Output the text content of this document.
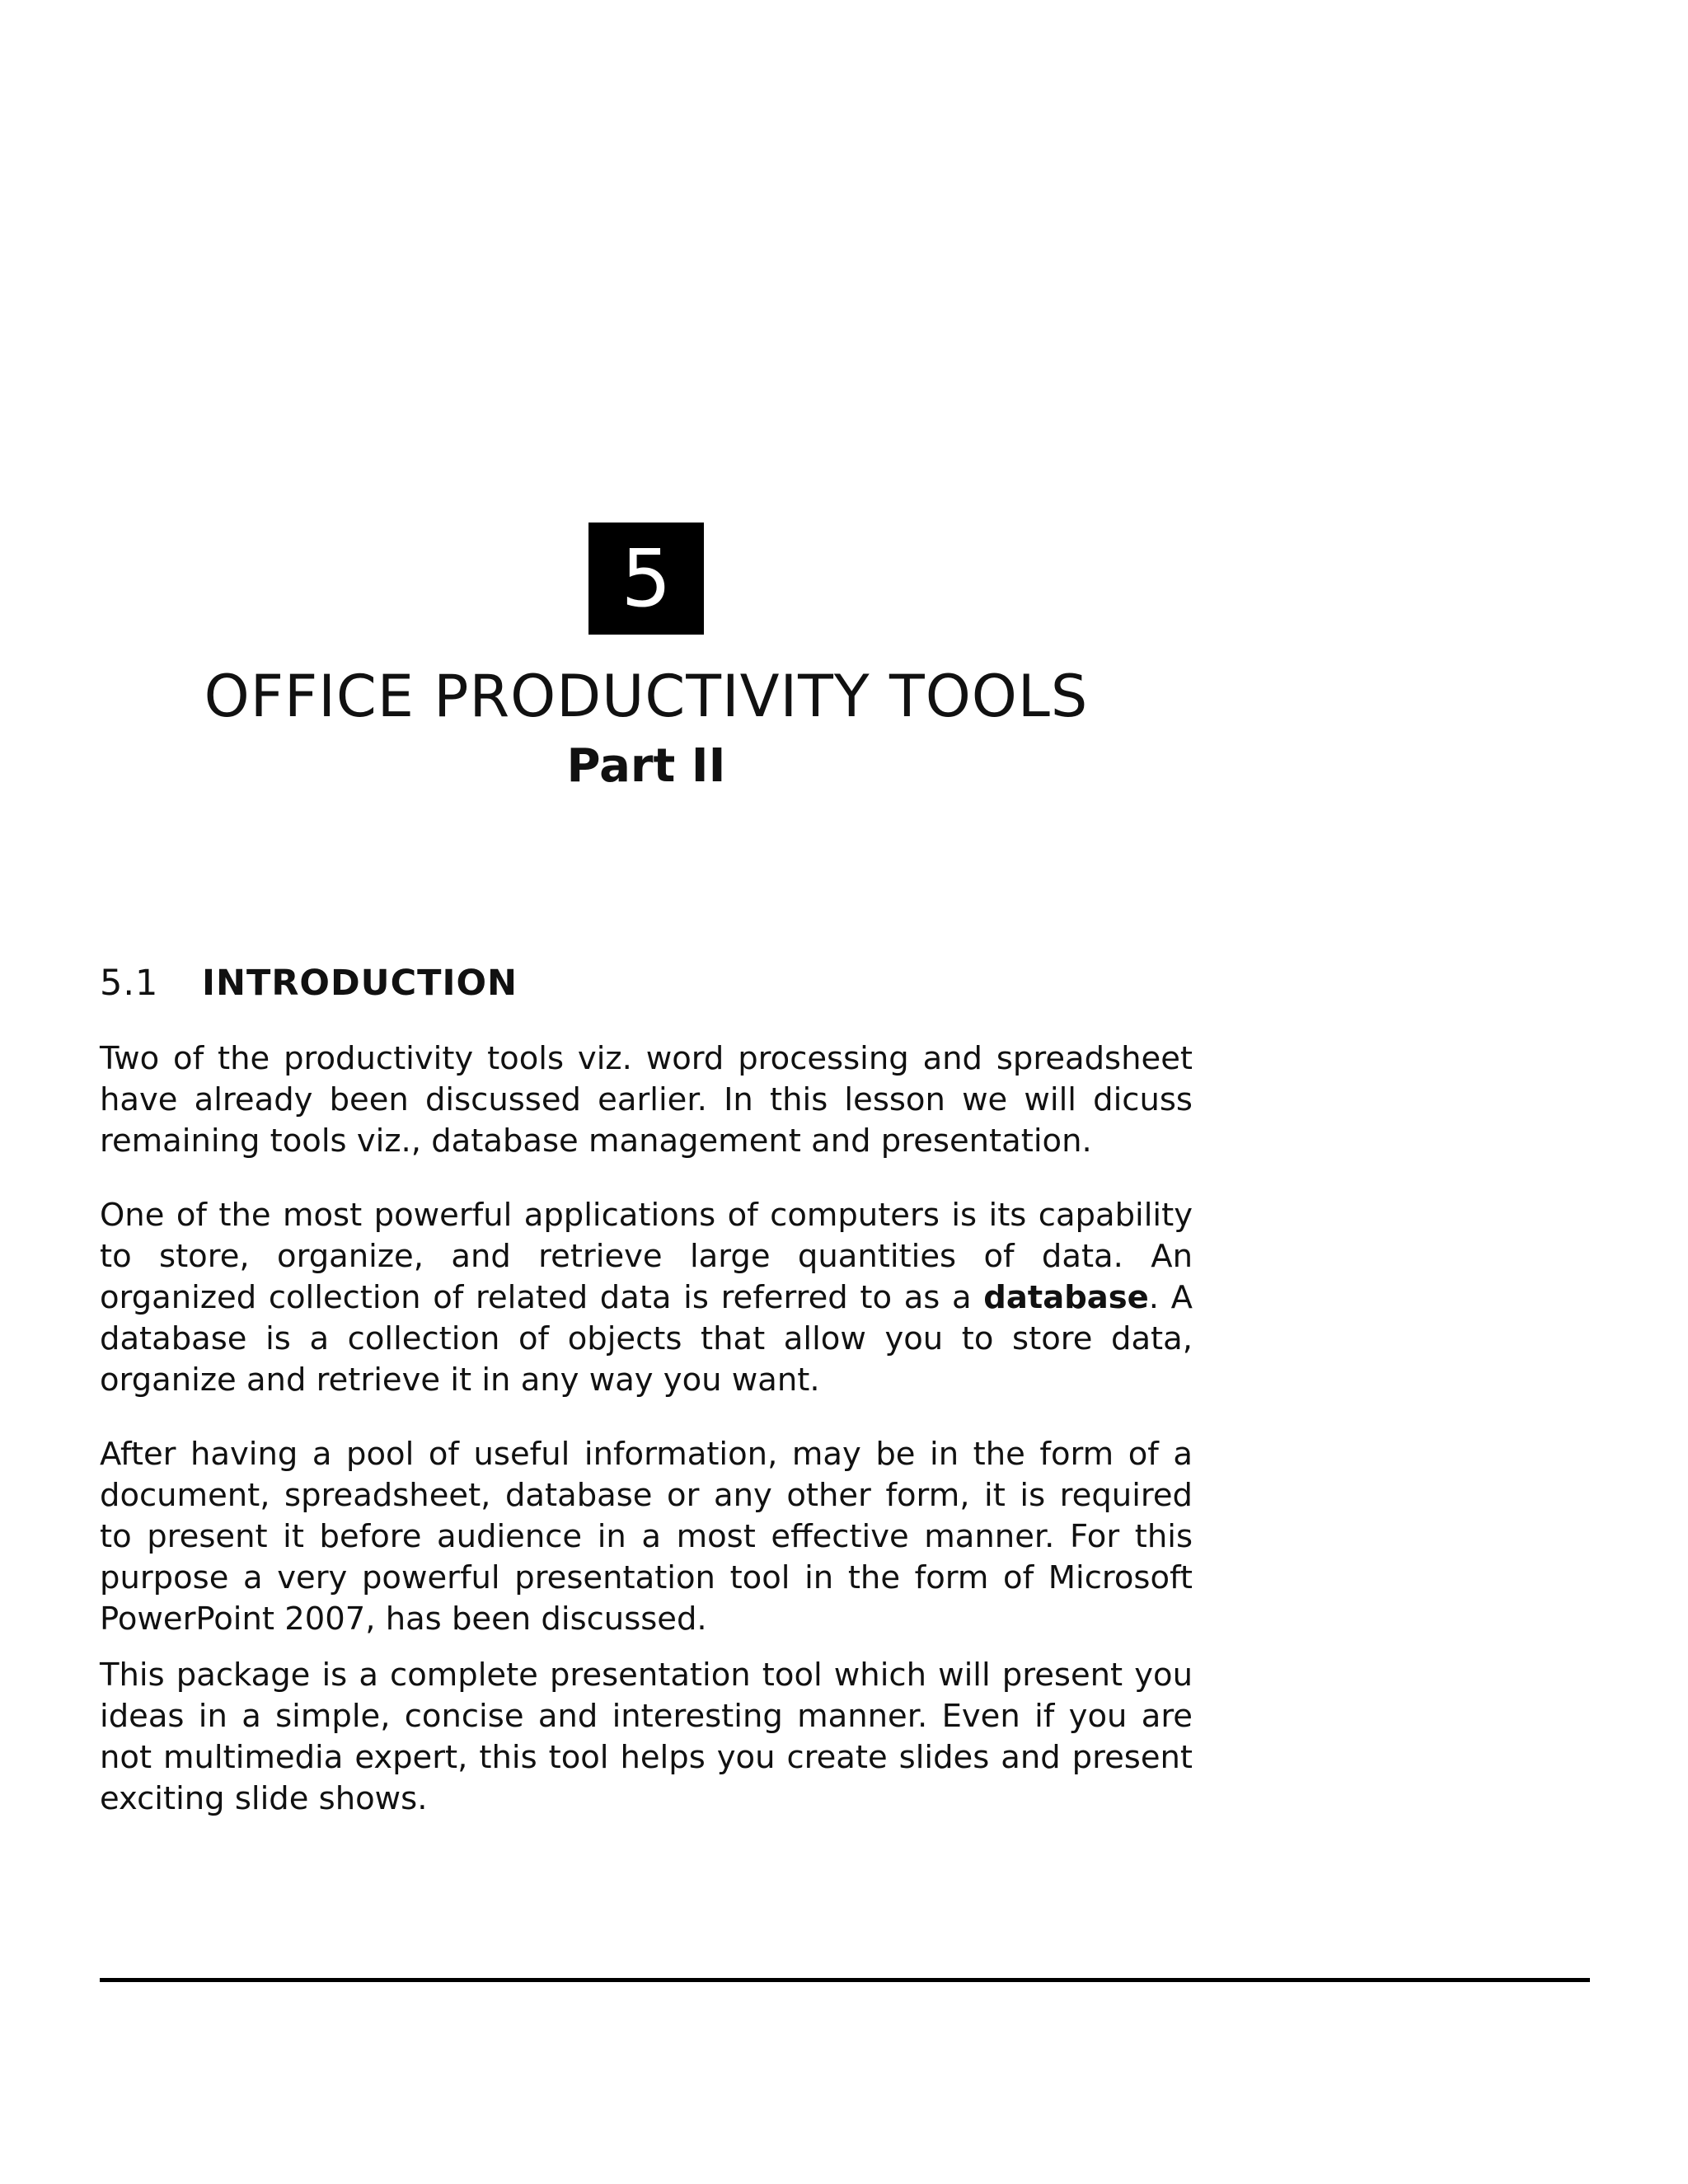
5
OFFICE PRODUCTIVITY TOOLS
Part II
5.1 INTRODUCTION

Two of the productivity tools viz. word processing and spreadsheet have already been discussed earlier. In this lesson we will dicuss remaining tools viz., database management and presentation.

One of the most powerful applications of computers is its capability to store, organize, and retrieve large quantities of data. An organized collection of related data is referred to as a database. A database is a collection of objects that allow you to store data, organize and retrieve it in any way you want.

After having a pool of useful information, may be in the form of a document, spreadsheet, database or any other form, it is required to present it before audience in a most effective manner. For this purpose a very powerful presentation tool in the form of Microsoft PowerPoint 2007, has been discussed.

This package is a complete presentation tool which will present you ideas in a simple, concise and interesting manner. Even if you are not multimedia expert, this tool helps you create slides and present exciting slide shows.
